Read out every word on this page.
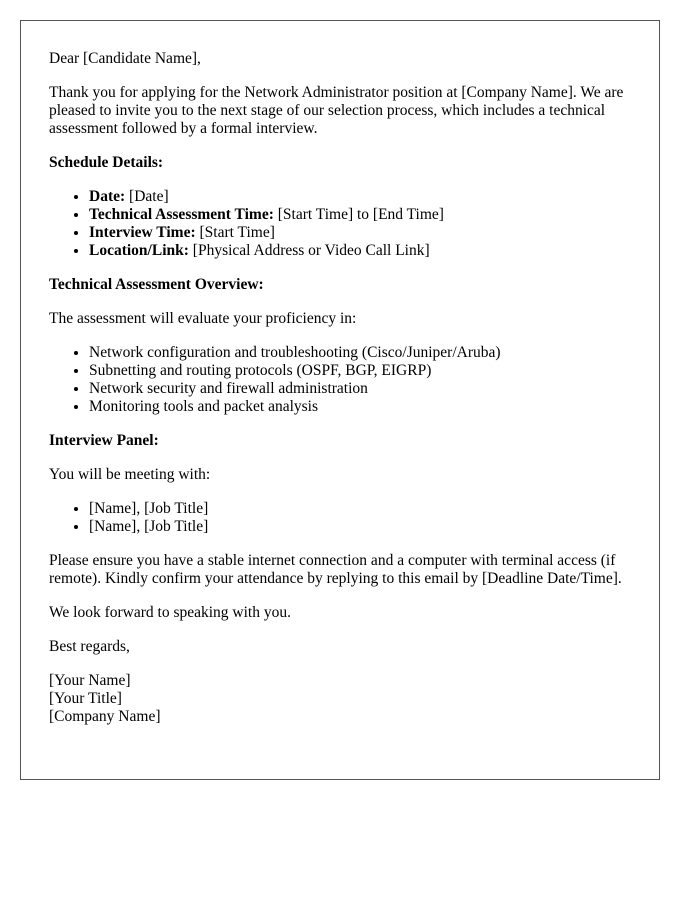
Dear [Candidate Name],

Thank you for applying for the Network Administrator position at [Company Name]. We are pleased to invite you to the next stage of our selection process, which includes a technical assessment followed by a formal interview.

Schedule Details:

• Date: [Date]
• Technical Assessment Time: [Start Time] to [End Time]
• Interview Time: [Start Time]
• Location/Link: [Physical Address or Video Call Link]

Technical Assessment Overview:

The assessment will evaluate your proficiency in:

• Network configuration and troubleshooting (Cisco/Juniper/Aruba)
• Subnetting and routing protocols (OSPF, BGP, EIGRP)
• Network security and firewall administration
• Monitoring tools and packet analysis

Interview Panel:

You will be meeting with:

• [Name], [Job Title]
• [Name], [Job Title]

Please ensure you have a stable internet connection and a computer with terminal access (if remote). Kindly confirm your attendance by replying to this email by [Deadline Date/Time].

We look forward to speaking with you.

Best regards,

[Your Name]
[Your Title]
[Company Name]
